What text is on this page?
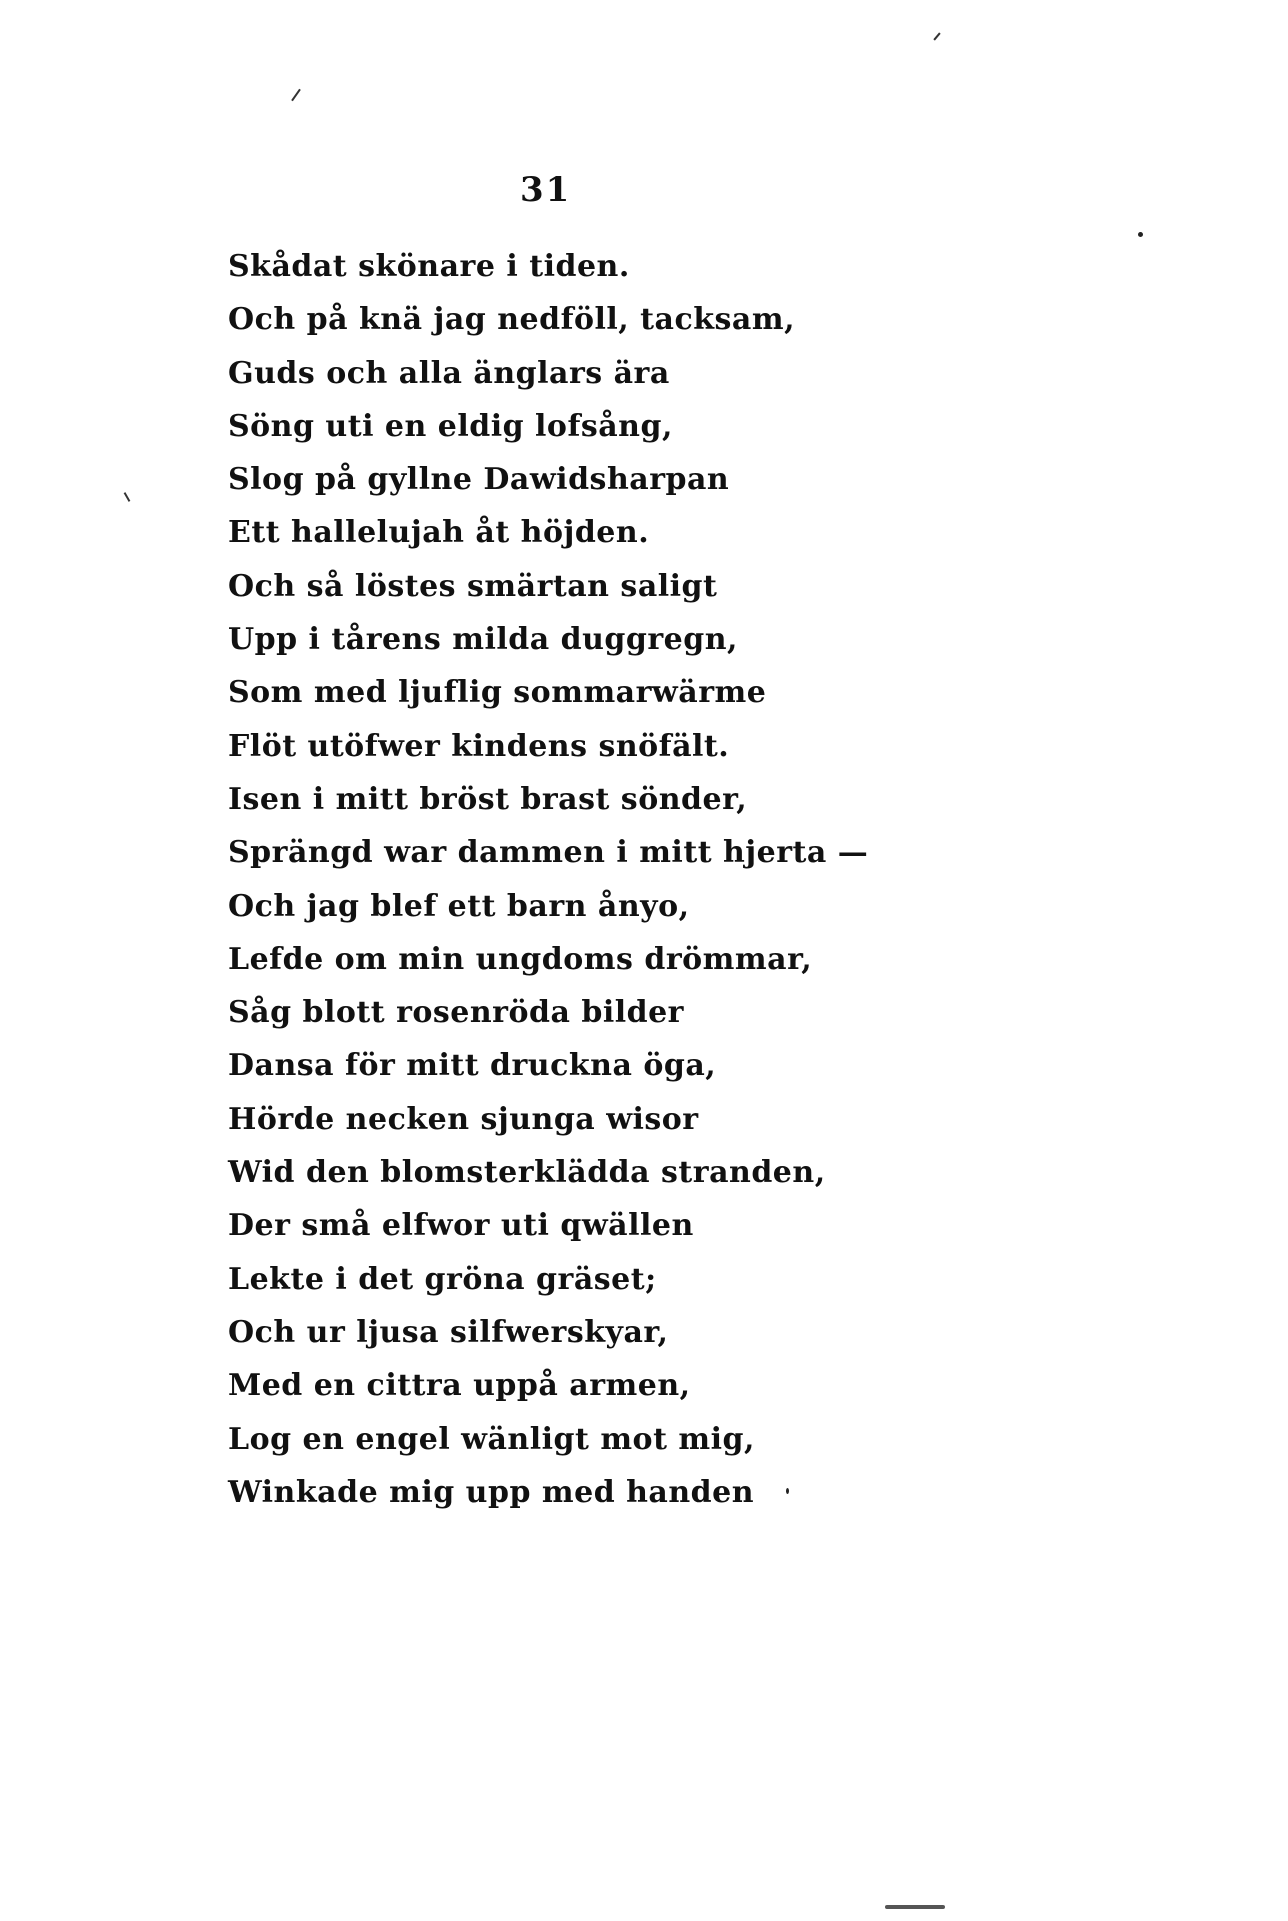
31
Skådat skönare i tiden.
Och på knä jag nedföll, tacksam,
Guds och alla änglars ära
Söng uti en eldig lofsång,
Slog på gyllne Dawidsharpan
Ett hallelujah åt höjden.
Och så löstes smärtan saligt
Upp i tårens milda duggregn,
Som med ljuflig sommarwärme
Flöt utöfwer kindens snöfält.
Isen i mitt bröst brast sönder,
Sprängd war dammen i mitt hjerta —
Och jag blef ett barn ånyo,
Lefde om min ungdoms drömmar,
Såg blott rosenröda bilder
Dansa för mitt druckna öga,
Hörde necken sjunga wisor
Wid den blomsterklädda stranden,
Der små elfwor uti qwällen
Lekte i det gröna gräset;
Och ur ljusa silfwerskyar,
Med en cittra uppå armen,
Log en engel wänligt mot mig,
Winkade mig upp med handen
